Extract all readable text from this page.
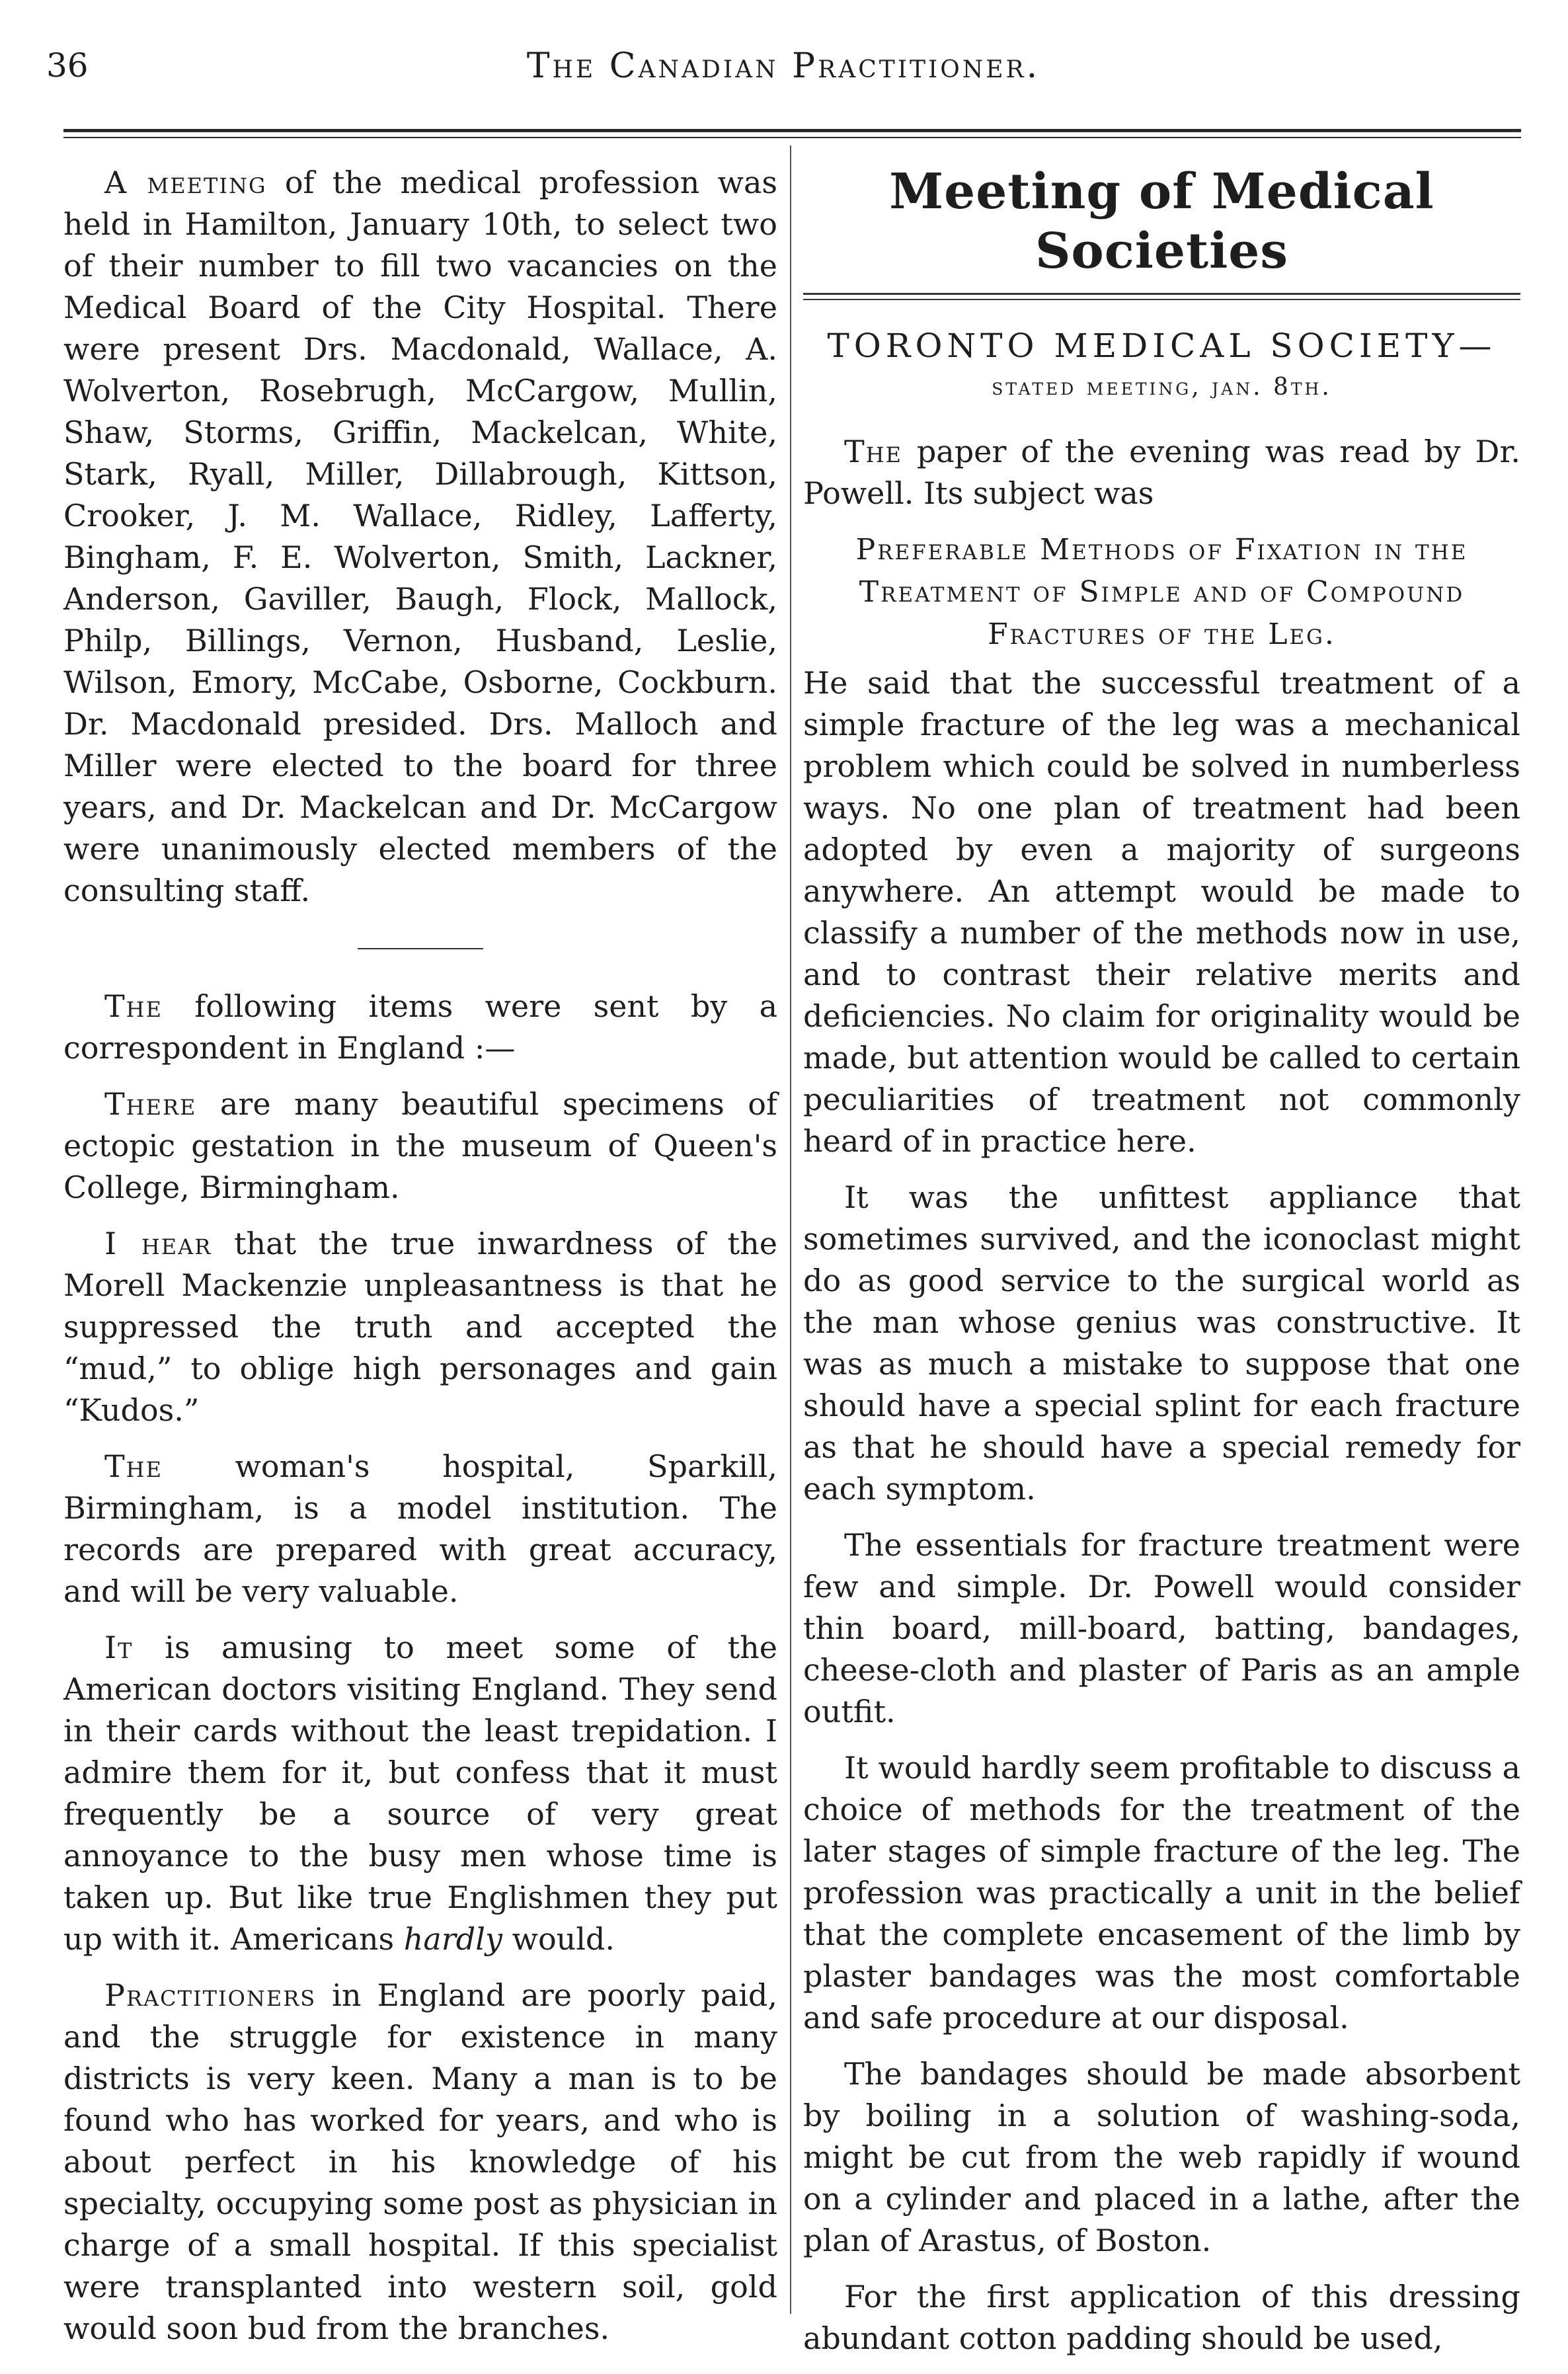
36	The Canadian Practitioner.

A meeting of the medical profession was held in Hamilton, January 10th, to select two of their number to fill two vacancies on the Medical Board of the City Hospital. There were present Drs. Macdonald, Wallace, A. Wolverton, Rosebrugh, McCargow, Mullin, Shaw, Storms, Griffin, Mackelcan, White, Stark, Ryall, Miller, Dillabrough, Kittson, Crooker, J. M. Wallace, Ridley, Lafferty, Bingham, F. E. Wolverton, Smith, Lackner, Anderson, Gaviller, Baugh, Flock, Mallock, Philp, Billings, Vernon, Husband, Leslie, Wilson, Emory, McCabe, Osborne, Cockburn. Dr. Macdonald presided. Drs. Malloch and Miller were elected to the board for three years, and Dr. Mackelcan and Dr. McCargow were unanimously elected members of the consulting staff.

The following items were sent by a correspondent in England :—

There are many beautiful specimens of ectopic gestation in the museum of Queen's College, Birmingham.

I hear that the true inwardness of the Morell Mackenzie unpleasantness is that he suppressed the truth and accepted the “mud,” to oblige high personages and gain “Kudos.”

The woman's hospital, Sparkill, Birmingham, is a model institution. The records are prepared with great accuracy, and will be very valuable.

It is amusing to meet some of the American doctors visiting England. They send in their cards without the least trepidation. I admire them for it, but confess that it must frequently be a source of very great annoyance to the busy men whose time is taken up. But like true Englishmen they put up with it. Americans hardly would.

Practitioners in England are poorly paid, and the struggle for existence in many districts is very keen. Many a man is to be found who has worked for years, and who is about perfect in his knowledge of his specialty, occupying some post as physician in charge of a small hospital. If this specialist were transplanted into western soil, gold would soon bud from the branches.

Meeting of Medical Societies
TORONTO MEDICAL SOCIETY—
stated meeting, jan. 8th.

The paper of the evening was read by Dr. Powell. Its subject was

Preferable Methods of Fixation in the Treatment of Simple and of Compound Fractures of the Leg.

He said that the successful treatment of a simple fracture of the leg was a mechanical problem which could be solved in numberless ways. No one plan of treatment had been adopted by even a majority of surgeons anywhere. An attempt would be made to classify a number of the methods now in use, and to contrast their relative merits and deficiencies. No claim for originality would be made, but attention would be called to certain peculiarities of treatment not commonly heard of in practice here.

It was the unfittest appliance that sometimes survived, and the iconoclast might do as good service to the surgical world as the man whose genius was constructive. It was as much a mistake to suppose that one should have a special splint for each fracture as that he should have a special remedy for each symptom.

The essentials for fracture treatment were few and simple. Dr. Powell would consider thin board, mill-board, batting, bandages, cheese-cloth and plaster of Paris as an ample outfit.

It would hardly seem profitable to discuss a choice of methods for the treatment of the later stages of simple fracture of the leg. The profession was practically a unit in the belief that the complete encasement of the limb by plaster bandages was the most comfortable and safe procedure at our disposal.

The bandages should be made absorbent by boiling in a solution of washing-soda, might be cut from the web rapidly if wound on a cylinder and placed in a lathe, after the plan of Arastus, of Boston.

For the first application of this dressing abundant cotton padding should be used,
